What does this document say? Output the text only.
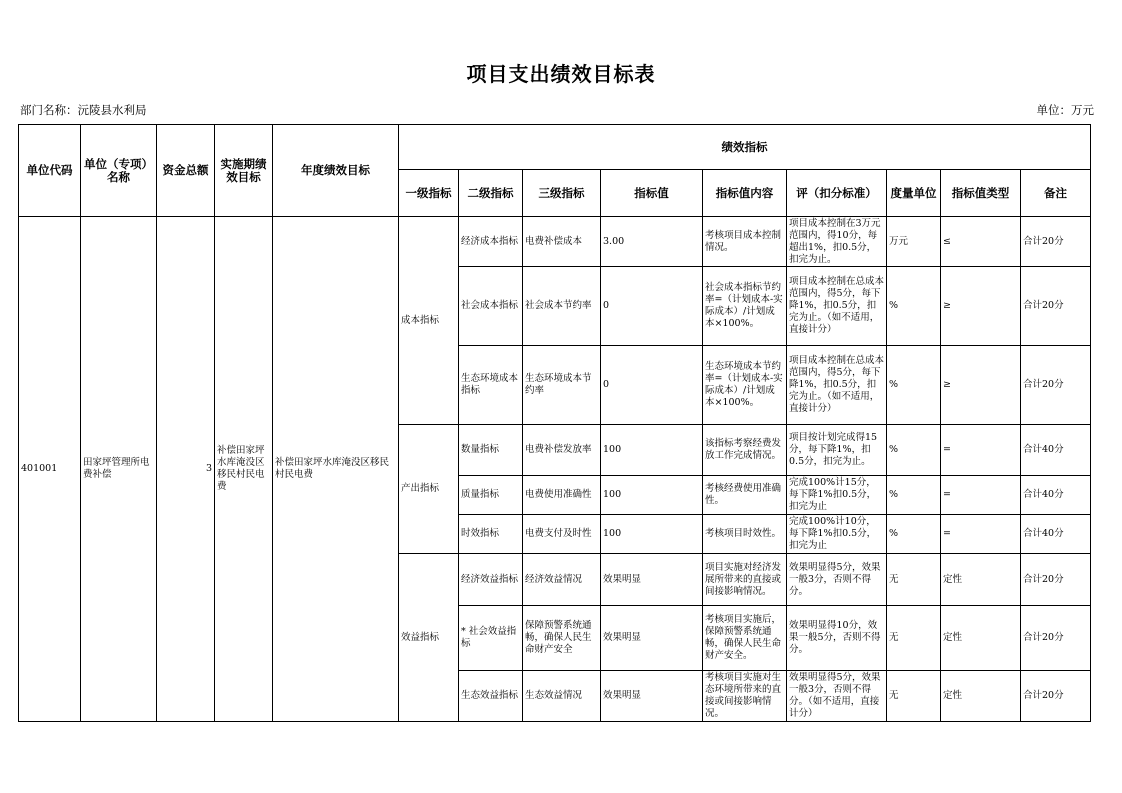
项目支出绩效目标表
部门名称：沅陵县水利局	单位：万元
单位代码	单位（专项）名称	资金总额	实施期绩效目标	年度绩效目标	绩效指标								
					一级指标	二级指标	三级指标	指标值	指标值内容	评（扣分标准）	度量单位	指标值类型	备注
401001	田家坪管理所电费补偿	3	补偿田家坪水库淹没区移民村民电费	补偿田家坪水库淹没区移民村民电费	成本指标	经济成本指标	电费补偿成本	3.00	考核项目成本控制情况。	项目成本控制在3万元范围内，得10分，每超出1%，扣0.5分，扣完为止。	万元	≤	合计20分
						社会成本指标	社会成本节约率	0	社会成本指标节约率=（计划成本-实际成本）/计划成本×100%。	项目成本控制在总成本范围内，得5分，每下降1%，扣0.5分，扣完为止。（如不适用，直接计分）	%	≥	合计20分
						生态环境成本指标	生态环境成本节约率	0	生态环境成本节约率=（计划成本-实际成本）/计划成本×100%。	项目成本控制在总成本范围内，得5分，每下降1%，扣0.5分，扣完为止。（如不适用，直接计分）	%	≥	合计20分
					产出指标	数量指标	电费补偿发放率	100	该指标考察经费发放工作完成情况。	项目按计划完成得15分，每下降1%，扣0.5分，扣完为止。	%	=	合计40分
						质量指标	电费使用准确性	100	考核经费使用准确性。	完成100%计15分，每下降1%扣0.5分，扣完为止	%	=	合计40分
						时效指标	电费支付及时性	100	考核项目时效性。	完成100%计10分，每下降1%扣0.5分，扣完为止	%	=	合计40分
					效益指标	经济效益指标	经济效益情况	效果明显	项目实施对经济发展所带来的直接或间接影响情况。	效果明显得5分，效果一般3分，否则不得分。	无	定性	合计20分
						* 社会效益指标	保障预警系统通畅，确保人民生命财产安全	效果明显	考核项目实施后，保障预警系统通畅，确保人民生命财产安全。	效果明显得10分，效果一般5分，否则不得分。	无	定性	合计20分
						生态效益指标	生态效益情况	效果明显	考核项目实施对生态环境所带来的直接或间接影响情况。	效果明显得5分，效果一般3分，否则不得分。（如不适用，直接计分）	无	定性	合计20分
